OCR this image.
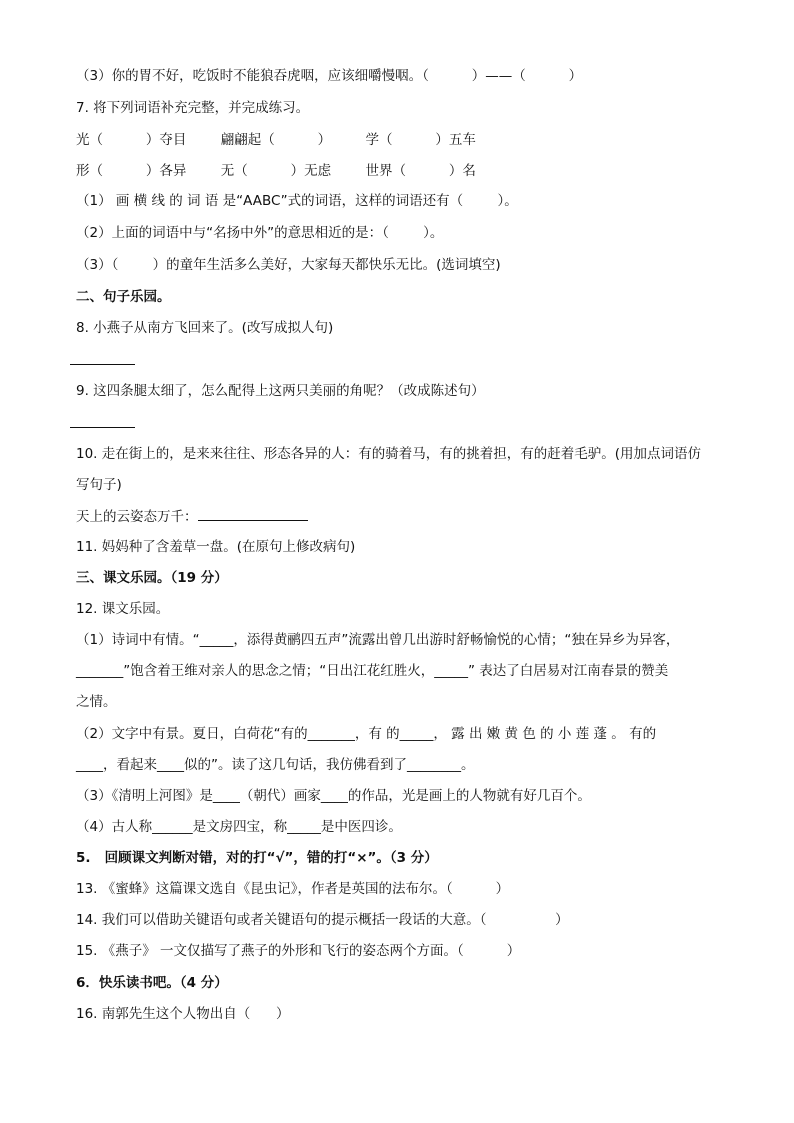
（3）你的胃不好，吃饭时不能狼吞虎咽，应该细嚼慢咽。（          ）——（          ）
7. 将下列词语补充完整，并完成练习。
光（          ）夺目        翩翩起（          ）        学（          ）五车
形（          ）各异        无（          ）无虑        世界（          ）名
（1） 画 横 线 的 词 语 是“AABC”式的词语，这样的词语还有（        ）。
（2）上面的词语中与“名扬中外”的意思相近的是：（        ）。
（3）（        ）的童年生活多么美好，大家每天都快乐无比。(选词填空)
二、句子乐园。
8. 小燕子从南方飞回来了。(改写成拟人句)
9. 这四条腿太细了，怎么配得上这两只美丽的角呢？（改成陈述句）
10. 走在街上的，是来来往往、形态各异的人：有的骑着马，有的挑着担，有的赶着毛驴。(用加点词语仿
写句子)
天上的云姿态万千：
11. 妈妈种了含羞草一盘。(在原句上修改病句)
三、课文乐园。（19 分）
12. 课文乐园。
（1）诗词中有情。“_____，添得黄鹂四五声”流露出曾几出游时舒畅愉悦的心情；“独在异乡为异客，
_______”饱含着王维对亲人的思念之情；“日出江花红胜火，_____” 表达了白居易对江南春景的赞美
之情。
（2）文字中有景。夏日，白荷花“有的_______，有 的_____， 露 出 嫩 黄 色 的 小 莲 蓬 。 有的
____，看起来____似的”。读了这几句话，我仿佛看到了________。
（3）《清明上河图》是____（朝代）画家____的作品，光是画上的人物就有好几百个。
（4）古人称______是文房四宝，称_____是中医四诊。
5.   回顾课文判断对错，对的打“√”，错的打“×”。（3 分）
13. 《蜜蜂》这篇课文选自《昆虫记》，作者是英国的法布尔。（          ）
14. 我们可以借助关键语句或者关键语句的提示概括一段话的大意。（                ）
15. 《燕子》 一文仅描写了燕子的外形和飞行的姿态两个方面。（          ）
6．快乐读书吧。（4 分）
16. 南郭先生这个人物出自（      ）
